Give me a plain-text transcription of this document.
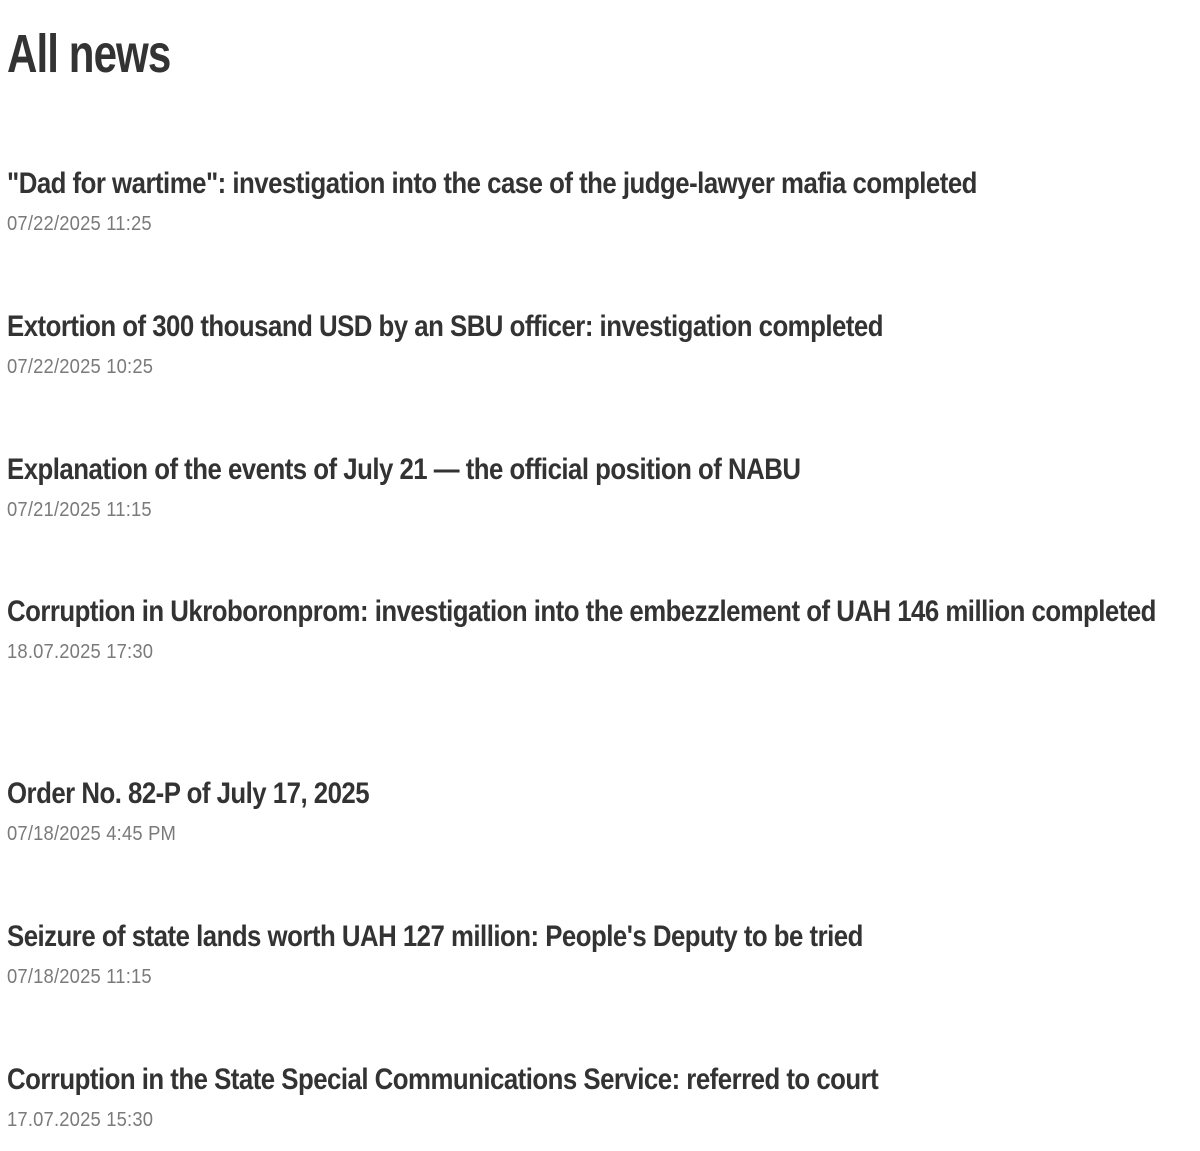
All news
"Dad for wartime": investigation into the case of the judge-lawyer mafia completed
07/22/2025 11:25
Extortion of 300 thousand USD by an SBU officer: investigation completed
07/22/2025 10:25
Explanation of the events of July 21 — the official position of NABU
07/21/2025 11:15
Corruption in Ukroboronprom: investigation into the embezzlement of UAH 146 million completed
18.07.2025 17:30
Order No. 82-P of July 17, 2025
07/18/2025 4:45 PM
Seizure of state lands worth UAH 127 million: People's Deputy to be tried
07/18/2025 11:15
Corruption in the State Special Communications Service: referred to court
17.07.2025 15:30
